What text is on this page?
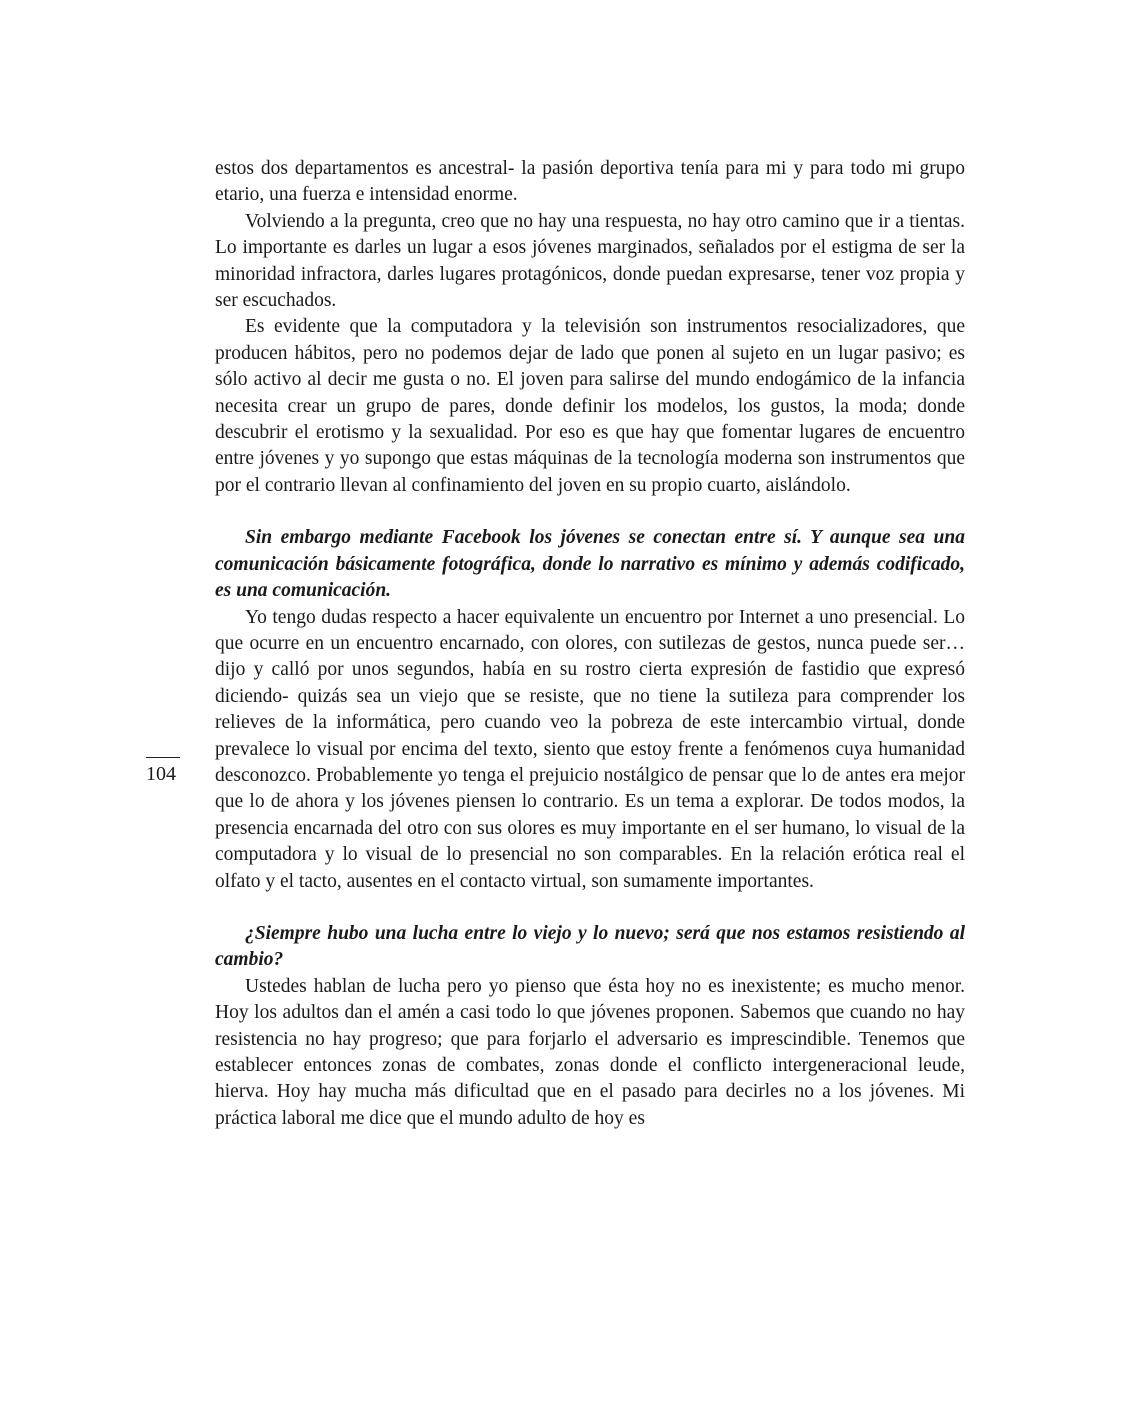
104

estos dos departamentos es ancestral- la pasión deportiva tenía para mi y para todo mi grupo etario, una fuerza e intensidad enorme.

Volviendo a la pregunta, creo que no hay una respuesta, no hay otro camino que ir a tientas. Lo importante es darles un lugar a esos jóvenes marginados, señalados por el estigma de ser la minoridad infractora, darles lugares protagónicos, donde puedan expresarse, tener voz propia y ser escuchados.

Es evidente que la computadora y la televisión son instrumentos resocializadores, que producen hábitos, pero no podemos dejar de lado que ponen al sujeto en un lugar pasivo; es sólo activo al decir me gusta o no. El joven para salirse del mundo endogámico de la infancia necesita crear un grupo de pares, donde definir los modelos, los gustos, la moda; donde descubrir el erotismo y la sexualidad. Por eso es que hay que fomentar lugares de encuentro entre jóvenes y yo supongo que estas máquinas de la tecnología moderna son instrumentos que por el contrario llevan al confinamiento del joven en su propio cuarto, aislándolo.

Sin embargo mediante Facebook los jóvenes se conectan entre sí. Y aunque sea una comunicación básicamente fotográfica, donde lo narrativo es mínimo y además codificado, es una comunicación.

Yo tengo dudas respecto a hacer equivalente un encuentro por Internet a uno presencial. Lo que ocurre en un encuentro encarnado, con olores, con sutilezas de gestos, nunca puede ser…dijo y calló por unos segundos, había en su rostro cierta expresión de fastidio que expresó diciendo- quizás sea un viejo que se resiste, que no tiene la sutileza para comprender los relieves de la informática, pero cuando veo la pobreza de este intercambio virtual, donde prevalece lo visual por encima del texto, siento que estoy frente a fenómenos cuya humanidad desconozco. Probablemente yo tenga el prejuicio nostálgico de pensar que lo de antes era mejor que lo de ahora y los jóvenes piensen lo contrario. Es un tema a explorar. De todos modos, la presencia encarnada del otro con sus olores es muy importante en el ser humano, lo visual de la computadora y lo visual de lo presencial no son comparables. En la relación erótica real el olfato y el tacto, ausentes en el contacto virtual, son sumamente importantes.

¿Siempre hubo una lucha entre lo viejo y lo nuevo; será que nos estamos resistiendo al cambio?

Ustedes hablan de lucha pero yo pienso que ésta hoy no es inexistente; es mucho menor. Hoy los adultos dan el amén a casi todo lo que jóvenes proponen. Sabemos que cuando no hay resistencia no hay progreso; que para forjarlo el adversario es imprescindible. Tenemos que establecer entonces zonas de combates, zonas donde el conflicto intergeneracional leude, hierva. Hoy hay mucha más dificultad que en el pasado para decirles no a los jóvenes. Mi práctica laboral me dice que el mundo adulto de hoy es
